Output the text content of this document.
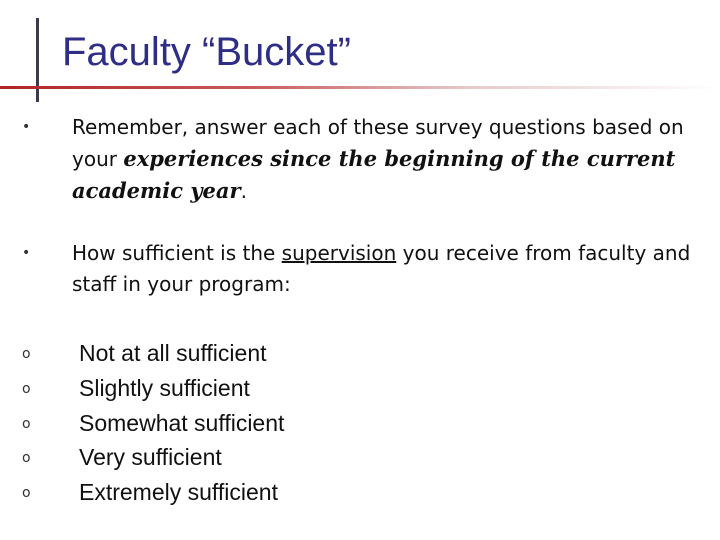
Faculty “Bucket”
•	Remember, answer each of these survey questions based on your experiences since the beginning of the current academic year.
•	How sufficient is the supervision you receive from faculty and staff in your program:
o	Not at all sufficient
o	Slightly sufficient
o	Somewhat sufficient
o	Very sufficient
o	Extremely sufficient
